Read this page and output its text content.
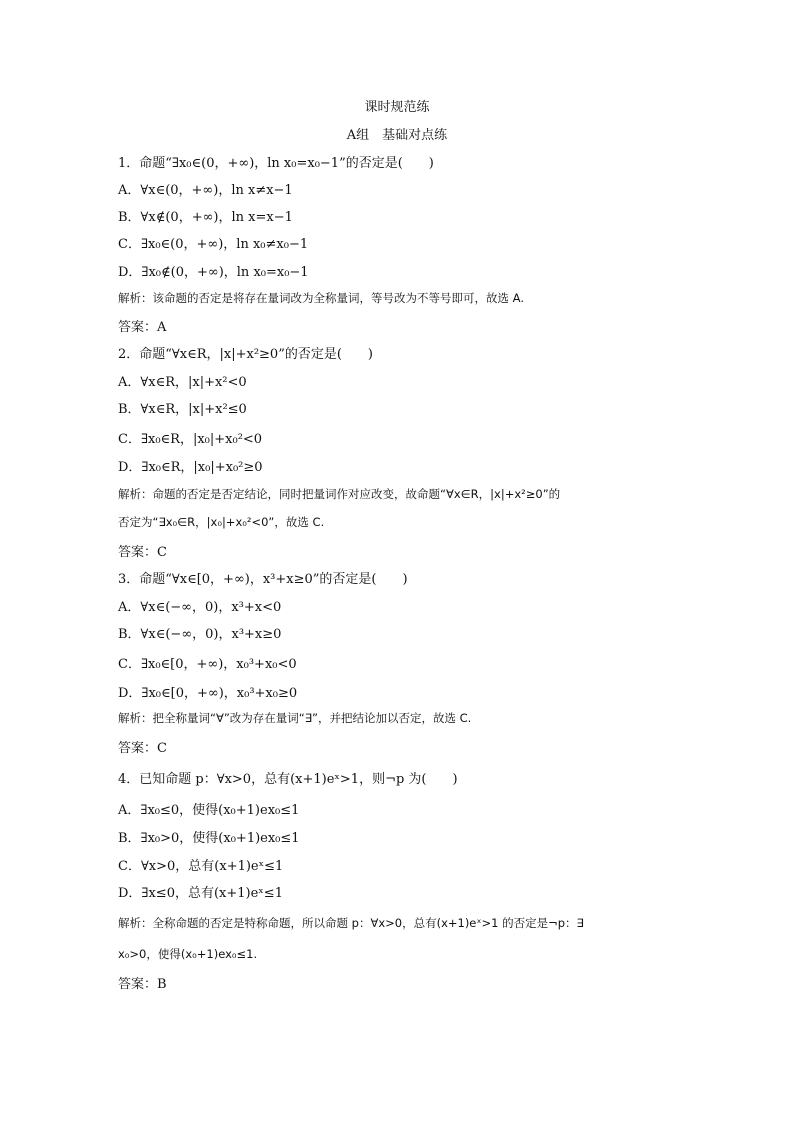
课时规范练
A组　基础对点练
1．命题“∃x₀∈(0，+∞)，ln x₀=x₀−1”的否定是(　　)
A．∀x∈(0，+∞)，ln x≠x−1
B．∀x∉(0，+∞)，ln x=x−1
C．∃x₀∈(0，+∞)，ln x₀≠x₀−1
D．∃x₀∉(0，+∞)，ln x₀=x₀−1
解析：该命题的否定是将存在量词改为全称量词，等号改为不等号即可，故选 A.
答案：A
2．命题“∀x∈R，|x|+x²≥0”的否定是(　　)
A．∀x∈R，|x|+x²<0
B．∀x∈R，|x|+x²≤0
C．∃x₀∈R，|x₀|+x₀²<0
D．∃x₀∈R，|x₀|+x₀²≥0
解析：命题的否定是否定结论，同时把量词作对应改变，故命题“∀x∈R，|x|+x²≥0”的
否定为“∃x₀∈R，|x₀|+x₀²<0”，故选 C.
答案：C
3．命题“∀x∈[0，+∞)，x³+x≥0”的否定是(　　)
A．∀x∈(−∞，0)，x³+x<0
B．∀x∈(−∞，0)，x³+x≥0
C．∃x₀∈[0，+∞)，x₀³+x₀<0
D．∃x₀∈[0，+∞)，x₀³+x₀≥0
解析：把全称量词“∀”改为存在量词“∃”，并把结论加以否定，故选 C.
答案：C
4．已知命题 p：∀x>0，总有(x+1)eˣ>1，则¬p 为(　　)
A．∃x₀≤0，使得(x₀+1)ex₀≤1
B．∃x₀>0，使得(x₀+1)ex₀≤1
C．∀x>0，总有(x+1)eˣ≤1
D．∃x≤0，总有(x+1)eˣ≤1
解析：全称命题的否定是特称命题，所以命题 p：∀x>0，总有(x+1)eˣ>1 的否定是¬p：∃
x₀>0，使得(x₀+1)ex₀≤1.
答案：B
